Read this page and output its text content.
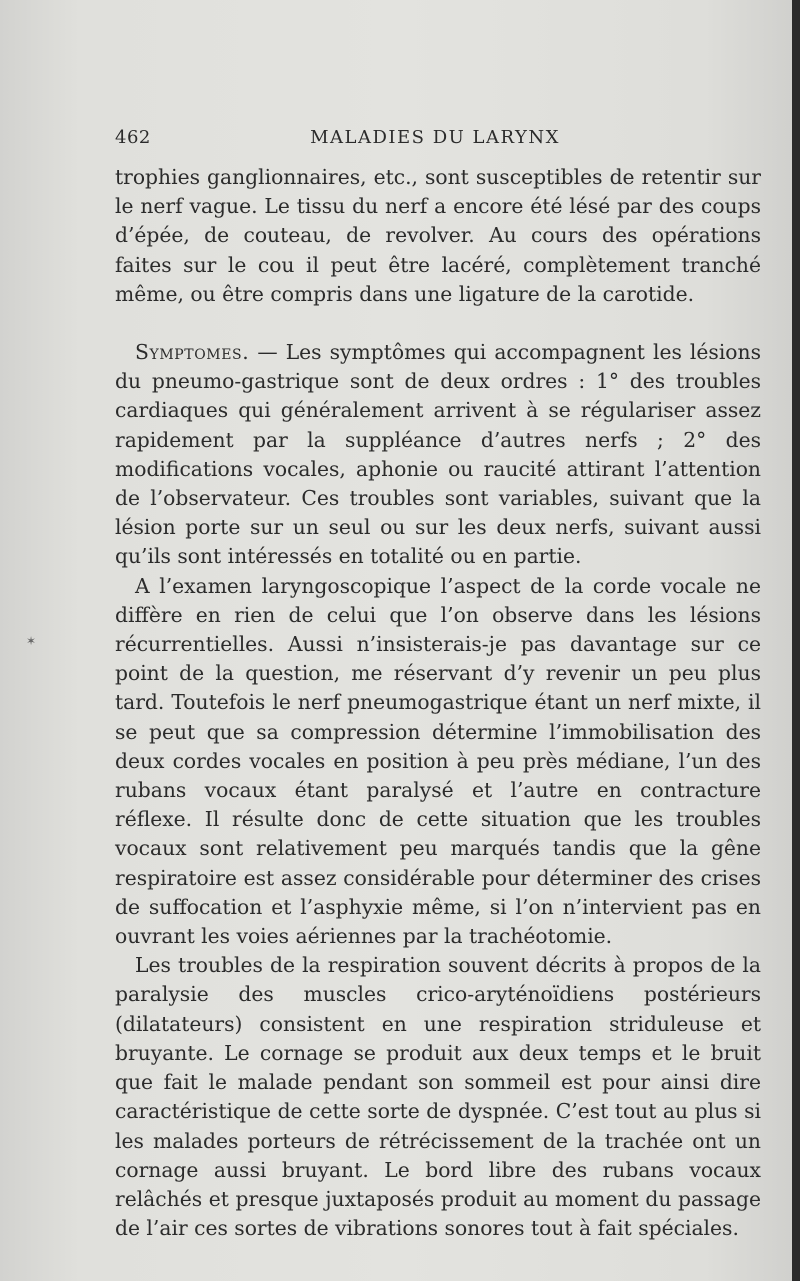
462	MALADIES DU LARYNX

trophies ganglionnaires, etc., sont susceptibles de retentir sur le nerf vague. Le tissu du nerf a encore été lésé par des coups d’épée, de couteau, de revolver. Au cours des opérations faites sur le cou il peut être lacéré, complètement tranché même, ou être compris dans une ligature de la carotide.

Symptomes. — Les symptômes qui accompagnent les lésions du pneumo-gastrique sont de deux ordres : 1° des troubles cardiaques qui généralement arrivent à se régulariser assez rapidement par la suppléance d’autres nerfs ; 2° des modifications vocales, aphonie ou raucité attirant l’attention de l’observateur. Ces troubles sont variables, suivant que la lésion porte sur un seul ou sur les deux nerfs, suivant aussi qu’ils sont intéressés en totalité ou en partie.

A l’examen laryngoscopique l’aspect de la corde vocale ne diffère en rien de celui que l’on observe dans les lésions récurrentielles. Aussi n’insisterais-je pas davantage sur ce point de la question, me réservant d’y revenir un peu plus tard. Toutefois le nerf pneumogastrique étant un nerf mixte, il se peut que sa compression détermine l’immobilisation des deux cordes vocales en position à peu près médiane, l’un des rubans vocaux étant paralysé et l’autre en contracture réflexe. Il résulte donc de cette situation que les troubles vocaux sont relativement peu marqués tandis que la gêne respiratoire est assez considérable pour déterminer des crises de suffocation et l’asphyxie même, si l’on n’intervient pas en ouvrant les voies aériennes par la trachéotomie.

Les troubles de la respiration souvent décrits à propos de la paralysie des muscles crico-aryténoïdiens postérieurs (dilatateurs) consistent en une respiration striduleuse et bruyante. Le cornage se produit aux deux temps et le bruit que fait le malade pendant son sommeil est pour ainsi dire caractéristique de cette sorte de dyspnée. C’est tout au plus si les malades porteurs de rétrécissement de la trachée ont un cornage aussi bruyant. Le bord libre des rubans vocaux relâchés et presque juxtaposés produit au moment du passage de l’air ces sortes de vibrations sonores tout à fait spéciales.

✶
